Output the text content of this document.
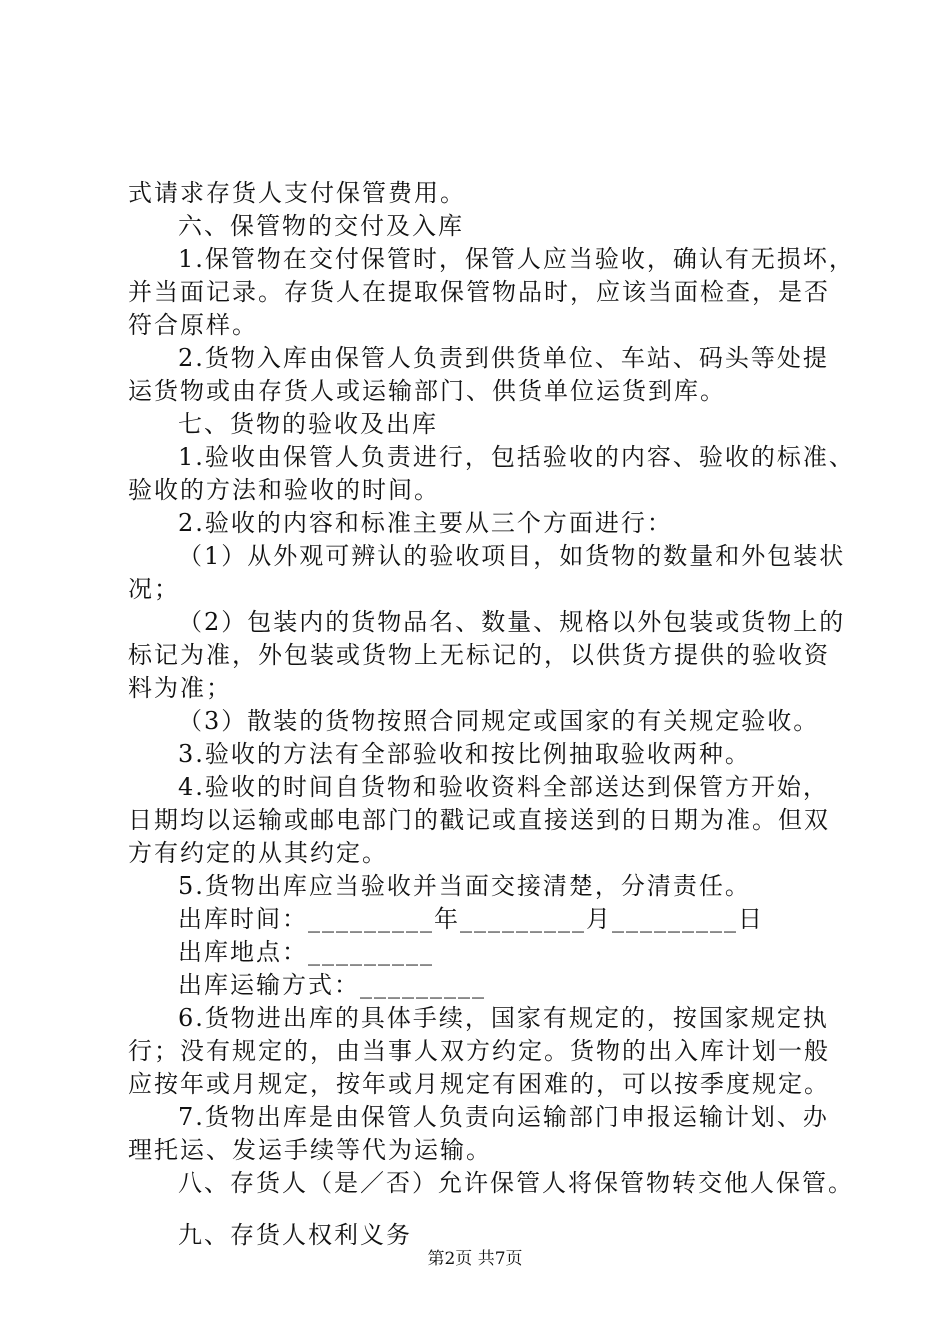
式请求存货人支付保管费用。
六、保管物的交付及入库
1.保管物在交付保管时，保管人应当验收，确认有无损坏，
并当面记录。存货人在提取保管物品时，应该当面检查，是否
符合原样。
2.货物入库由保管人负责到供货单位、车站、码头等处提
运货物或由存货人或运输部门、供货单位运货到库。
七、货物的验收及出库
1.验收由保管人负责进行，包括验收的内容、验收的标准、
验收的方法和验收的时间。
2.验收的内容和标准主要从三个方面进行：
（1）从外观可辨认的验收项目，如货物的数量和外包装状
况；
（2）包装内的货物品名、数量、规格以外包装或货物上的
标记为准，外包装或货物上无标记的，以供货方提供的验收资
料为准；
（3）散装的货物按照合同规定或国家的有关规定验收。
3.验收的方法有全部验收和按比例抽取验收两种。
4.验收的时间自货物和验收资料全部送达到保管方开始，
日期均以运输或邮电部门的戳记或直接送到的日期为准。但双
方有约定的从其约定。
5.货物出库应当验收并当面交接清楚，分清责任。
出库时间：_________年_________月_________日
出库地点：_________
出库运输方式：_________
6.货物进出库的具体手续，国家有规定的，按国家规定执
行；没有规定的，由当事人双方约定。货物的出入库计划一般
应按年或月规定，按年或月规定有困难的，可以按季度规定。
7.货物出库是由保管人负责向运输部门申报运输计划、办
理托运、发运手续等代为运输。
八、存货人（是／否）允许保管人将保管物转交他人保管。
九、存货人权利义务
第2页 共7页
